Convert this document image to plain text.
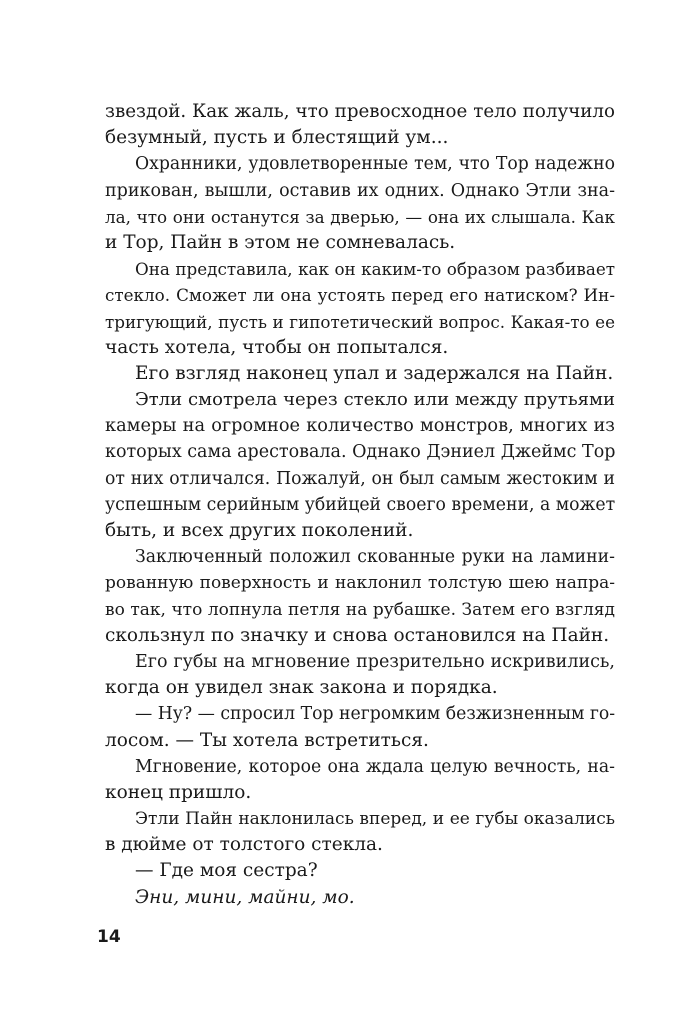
звездой. Как жаль, что превосходное тело получило
безумный, пусть и блестящий ум...
Охранники, удовлетворенные тем, что Тор надежно
прикован, вышли, оставив их одних. Однако Этли зна-
ла, что они останутся за дверью, — она их слышала. Как
и Тор, Пайн в этом не сомневалась.
Она представила, как он каким-то образом разбивает
стекло. Сможет ли она устоять перед его натиском? Ин-
тригующий, пусть и гипотетический вопрос. Какая-то ее
часть хотела, чтобы он попытался.
Его взгляд наконец упал и задержался на Пайн.
Этли смотрела через стекло или между прутьями
камеры на огромное количество монстров, многих из
которых сама арестовала. Однако Дэниел Джеймс Тор
от них отличался. Пожалуй, он был самым жестоким и
успешным серийным убийцей своего времени, а может
быть, и всех других поколений.
Заключенный положил скованные руки на ламини-
рованную поверхность и наклонил толстую шею напра-
во так, что лопнула петля на рубашке. Затем его взгляд
скользнул по значку и снова остановился на Пайн.
Его губы на мгновение презрительно искривились,
когда он увидел знак закона и порядка.
— Ну? — спросил Тор негромким безжизненным го-
лосом. — Ты хотела встретиться.
Мгновение, которое она ждала целую вечность, на-
конец пришло.
Этли Пайн наклонилась вперед, и ее губы оказались
в дюйме от толстого стекла.
— Где моя сестра?
Эни, мини, майни, мо.
14
